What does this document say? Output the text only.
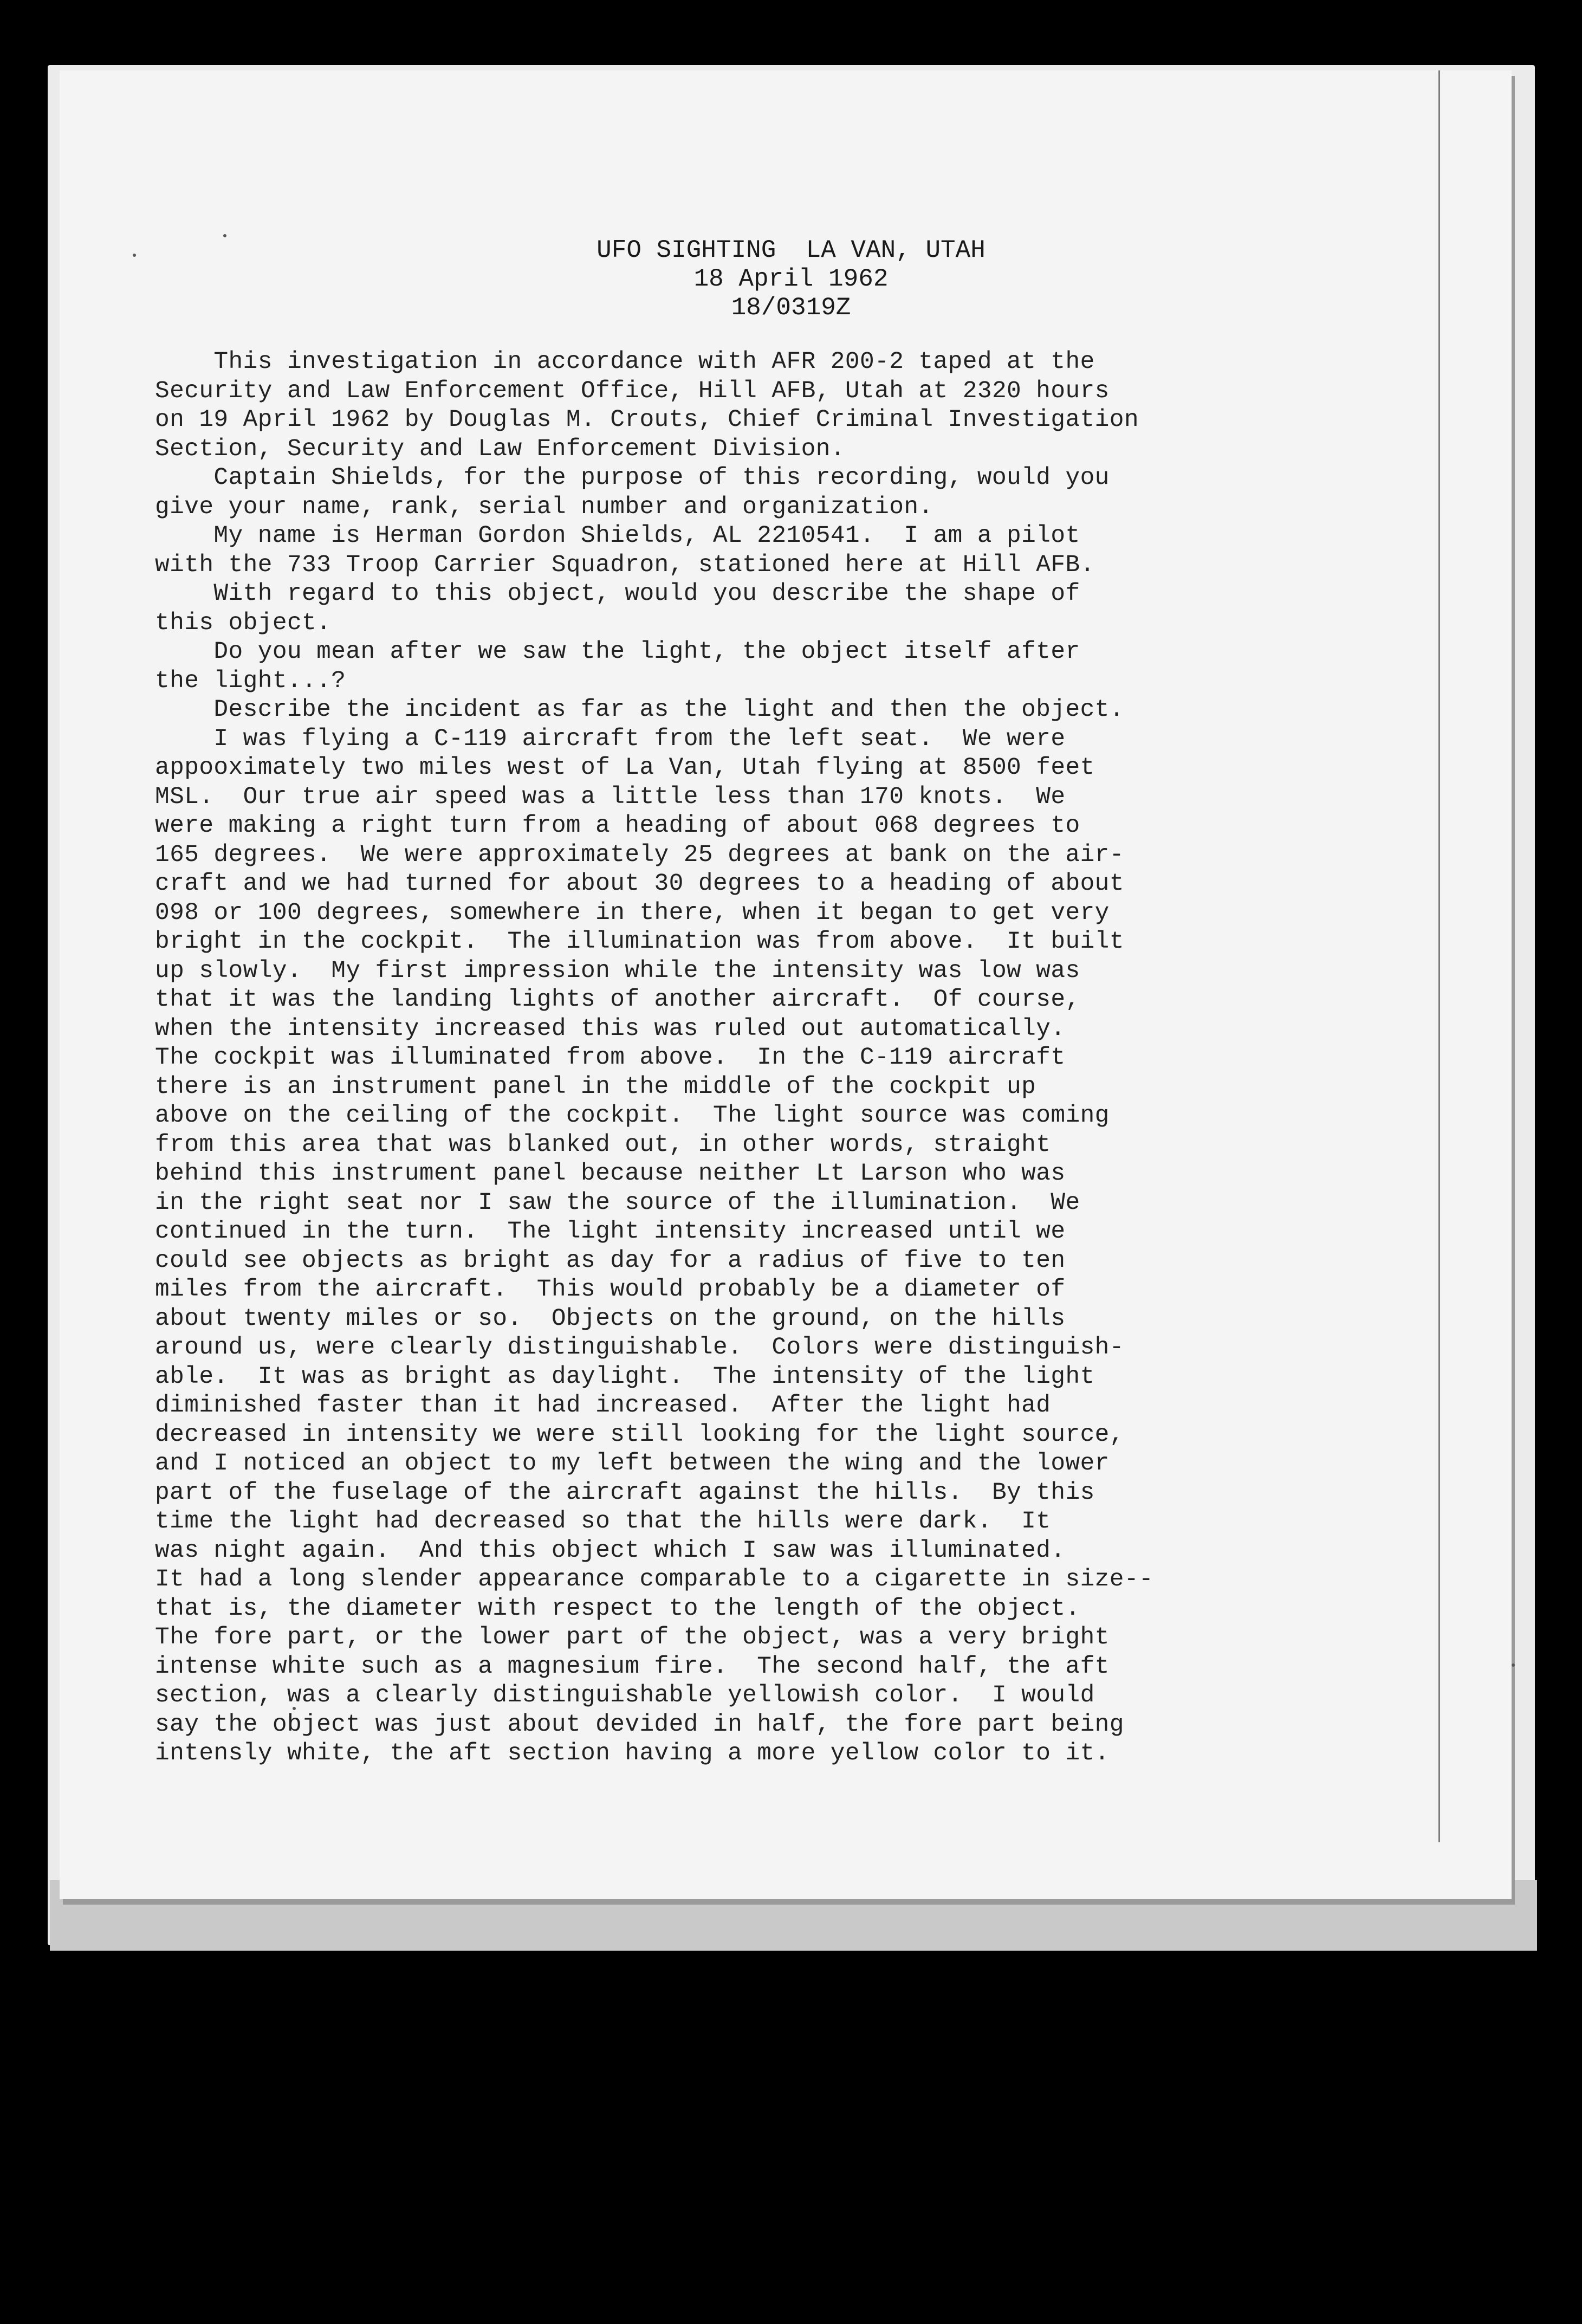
UFO SIGHTING  LA VAN, UTAH
18 April 1962
18/0319Z
This investigation in accordance with AFR 200-2 taped at the
Security and Law Enforcement Office, Hill AFB, Utah at 2320 hours
on 19 April 1962 by Douglas M. Crouts, Chief Criminal Investigation
Section, Security and Law Enforcement Division.
Captain Shields, for the purpose of this recording, would you
give your name, rank, serial number and organization.
My name is Herman Gordon Shields, AL 2210541.  I am a pilot
with the 733 Troop Carrier Squadron, stationed here at Hill AFB.
With regard to this object, would you describe the shape of
this object.
Do you mean after we saw the light, the object itself after
the light...?
Describe the incident as far as the light and then the object.
I was flying a C-119 aircraft from the left seat.  We were
appooximately two miles west of La Van, Utah flying at 8500 feet
MSL.  Our true air speed was a little less than 170 knots.  We
were making a right turn from a heading of about 068 degrees to
165 degrees.  We were approximately 25 degrees at bank on the air-
craft and we had turned for about 30 degrees to a heading of about
098 or 100 degrees, somewhere in there, when it began to get very
bright in the cockpit.  The illumination was from above.  It built
up slowly.  My first impression while the intensity was low was
that it was the landing lights of another aircraft.  Of course,
when the intensity increased this was ruled out automatically.
The cockpit was illuminated from above.  In the C-119 aircraft
there is an instrument panel in the middle of the cockpit up
above on the ceiling of the cockpit.  The light source was coming
from this area that was blanked out, in other words, straight
behind this instrument panel because neither Lt Larson who was
in the right seat nor I saw the source of the illumination.  We
continued in the turn.  The light intensity increased until we
could see objects as bright as day for a radius of five to ten
miles from the aircraft.  This would probably be a diameter of
about twenty miles or so.  Objects on the ground, on the hills
around us, were clearly distinguishable.  Colors were distinguish-
able.  It was as bright as daylight.  The intensity of the light
diminished faster than it had increased.  After the light had
decreased in intensity we were still looking for the light source,
and I noticed an object to my left between the wing and the lower
part of the fuselage of the aircraft against the hills.  By this
time the light had decreased so that the hills were dark.  It
was night again.  And this object which I saw was illuminated.
It had a long slender appearance comparable to a cigarette in size--
that is, the diameter with respect to the length of the object.
The fore part, or the lower part of the object, was a very bright
intense white such as a magnesium fire.  The second half, the aft
section, was a clearly distinguishable yellowish color.  I would
say the object was just about devided in half, the fore part being
intensly white, the aft section having a more yellow color to it.
